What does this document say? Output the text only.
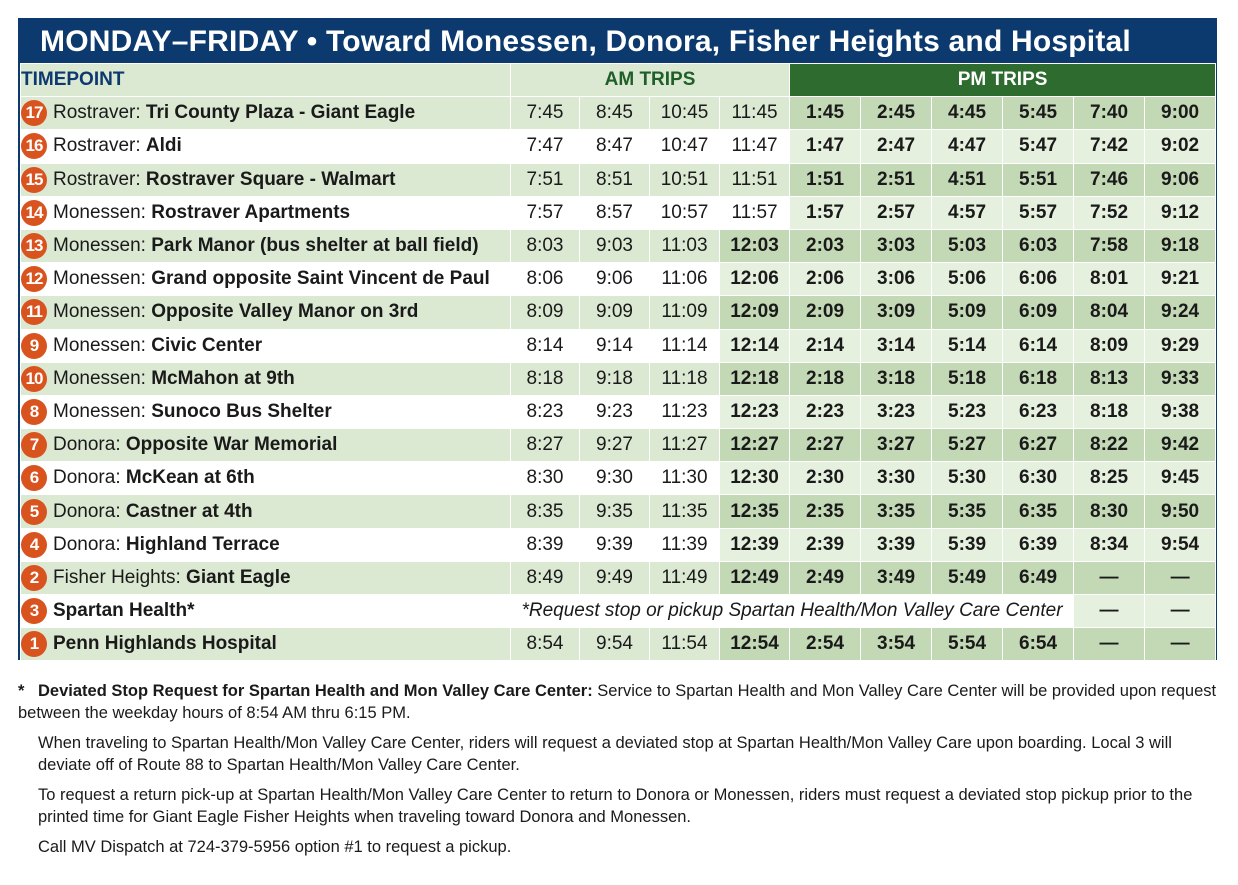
MONDAY–FRIDAY • Toward Monessen, Donora, Fisher Heights and Hospital
TIMEPOINT	AM TRIPS				PM TRIPS						
17 Rostraver: Tri County Plaza - Giant Eagle	7:45	8:45	10:45	11:45	1:45	2:45	4:45	5:45	7:40	9:00	
16 Rostraver: Aldi	7:47	8:47	10:47	11:47	1:47	2:47	4:47	5:47	7:42	9:02	
15 Rostraver: Rostraver Square - Walmart	7:51	8:51	10:51	11:51	1:51	2:51	4:51	5:51	7:46	9:06	
14 Monessen: Rostraver Apartments	7:57	8:57	10:57	11:57	1:57	2:57	4:57	5:57	7:52	9:12	
13 Monessen: Park Manor (bus shelter at ball field)	8:03	9:03	11:03	12:03	2:03	3:03	5:03	6:03	7:58	9:18	
12 Monessen: Grand opposite Saint Vincent de Paul	8:06	9:06	11:06	12:06	2:06	3:06	5:06	6:06	8:01	9:21	
11 Monessen: Opposite Valley Manor on 3rd	8:09	9:09	11:09	12:09	2:09	3:09	5:09	6:09	8:04	9:24	
9 Monessen: Civic Center	8:14	9:14	11:14	12:14	2:14	3:14	5:14	6:14	8:09	9:29	
10 Monessen: McMahon at 9th	8:18	9:18	11:18	12:18	2:18	3:18	5:18	6:18	8:13	9:33	
8 Monessen: Sunoco Bus Shelter	8:23	9:23	11:23	12:23	2:23	3:23	5:23	6:23	8:18	9:38	
7 Donora: Opposite War Memorial	8:27	9:27	11:27	12:27	2:27	3:27	5:27	6:27	8:22	9:42	
6 Donora: McKean at 6th	8:30	9:30	11:30	12:30	2:30	3:30	5:30	6:30	8:25	9:45	
5 Donora: Castner at 4th	8:35	9:35	11:35	12:35	2:35	3:35	5:35	6:35	8:30	9:50	
4 Donora: Highland Terrace	8:39	9:39	11:39	12:39	2:39	3:39	5:39	6:39	8:34	9:54	
2 Fisher Heights: Giant Eagle	8:49	9:49	11:49	12:49	2:49	3:49	5:49	6:49	—	—	
3 Spartan Health*	*Request stop or pickup Spartan Health/Mon Valley Care Center								—	—	
1 Penn Highlands Hospital	8:54	9:54	11:54	12:54	2:54	3:54	5:54	6:54	—	—	

* Deviated Stop Request for Spartan Health and Mon Valley Care Center: Service to Spartan Health and Mon Valley Care Center will be provided upon request between the weekday hours of 8:54 AM thru 6:15 PM.

When traveling to Spartan Health/Mon Valley Care Center, riders will request a deviated stop at Spartan Health/Mon Valley Care upon boarding. Local 3 will deviate off of Route 88 to Spartan Health/Mon Valley Care Center.

To request a return pick-up at Spartan Health/Mon Valley Care Center to return to Donora or Monessen, riders must request a deviated stop pickup prior to the printed time for Giant Eagle Fisher Heights when traveling toward Donora and Monessen.

Call MV Dispatch at 724-379-5956 option #1 to request a pickup.
